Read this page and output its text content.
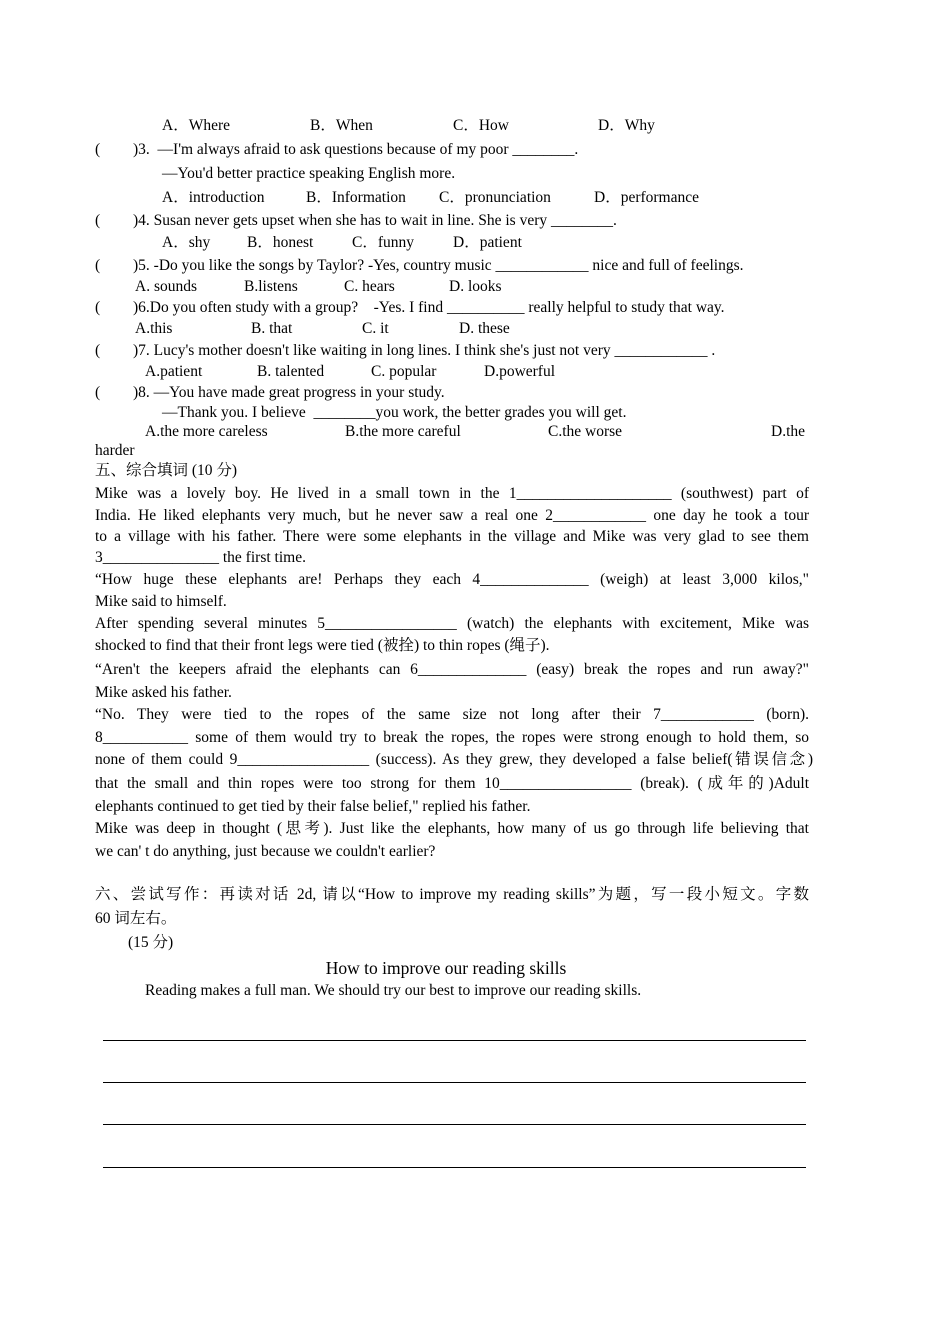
A．Where	B．When	C．How	D．Why
( )3.  —I'm always afraid to ask questions because of my poor ________.
—You'd better practice speaking English more.
A．introduction	B．Information C．pronunciation	D．performance
( )4. Susan never gets upset when she has to wait in line. She is very ________.
A．shy B．honest C．funny	D．patient
( )5. -Do you like the songs by Taylor? -Yes, country music ____________ nice and full of feelings.
A. sounds	B.listens	C. hears	D. looks
( )6.Do you often study with a group?    -Yes. I find __________ really helpful to study that way.
A.this	B. that	C. it	D. these
( )7. Lucy's mother doesn't like waiting in long lines. I think she's just not very ____________ .
A.patient	B. talented	C. popular	D.powerful
( )8. —You have made great progress in your study.
—Thank you. I believe  ________you work, the better grades you will get.
A.the more careless	B.the more careful	C.the worse	D.the
harder
五、综合填词 (10 分)
Mike was a lovely boy. He lived in a small town in the 1____________________ (southwest) part of
India. He liked elephants very much, but he never saw a real one 2____________ one day he took a tour
to a village with his father. There were some elephants in the village and Mike was very glad to see them
3_______________ the first time.
“How huge these elephants are! Perhaps they each 4______________ (weigh) at least 3,000 kilos,"
Mike said to himself.
After spending several minutes 5_________________ (watch) the elephants with excitement, Mike was
shocked to find that their front legs were tied (被拴) to thin ropes (绳子).
“Aren't the keepers afraid the elephants can 6______________ (easy) break the ropes and run away?"
Mike asked his father.
“No. They were tied to the ropes of the same size not long after their 7____________ (born).
8___________ some of them would try to break the ropes, the ropes were strong enough to hold them, so
none of them could 9_________________ (success). As they grew, they developed a false belief(错误信念)
that the small and thin ropes were too strong for them 10_________________ (break). (成年的)Adult
elephants continued to get tied by their false belief," replied his father.
Mike was deep in thought (思考). Just like the elephants, how many of us go through life believing that
we can' t do anything, just because we couldn't earlier?
六、尝试写作：再读对话 2d, 请以“How to improve my reading skills”为题，写一段小短文。字数
60 词左右。
(15 分)
How to improve our reading skills
Reading makes a full man. We should try our best to improve our reading skills.
